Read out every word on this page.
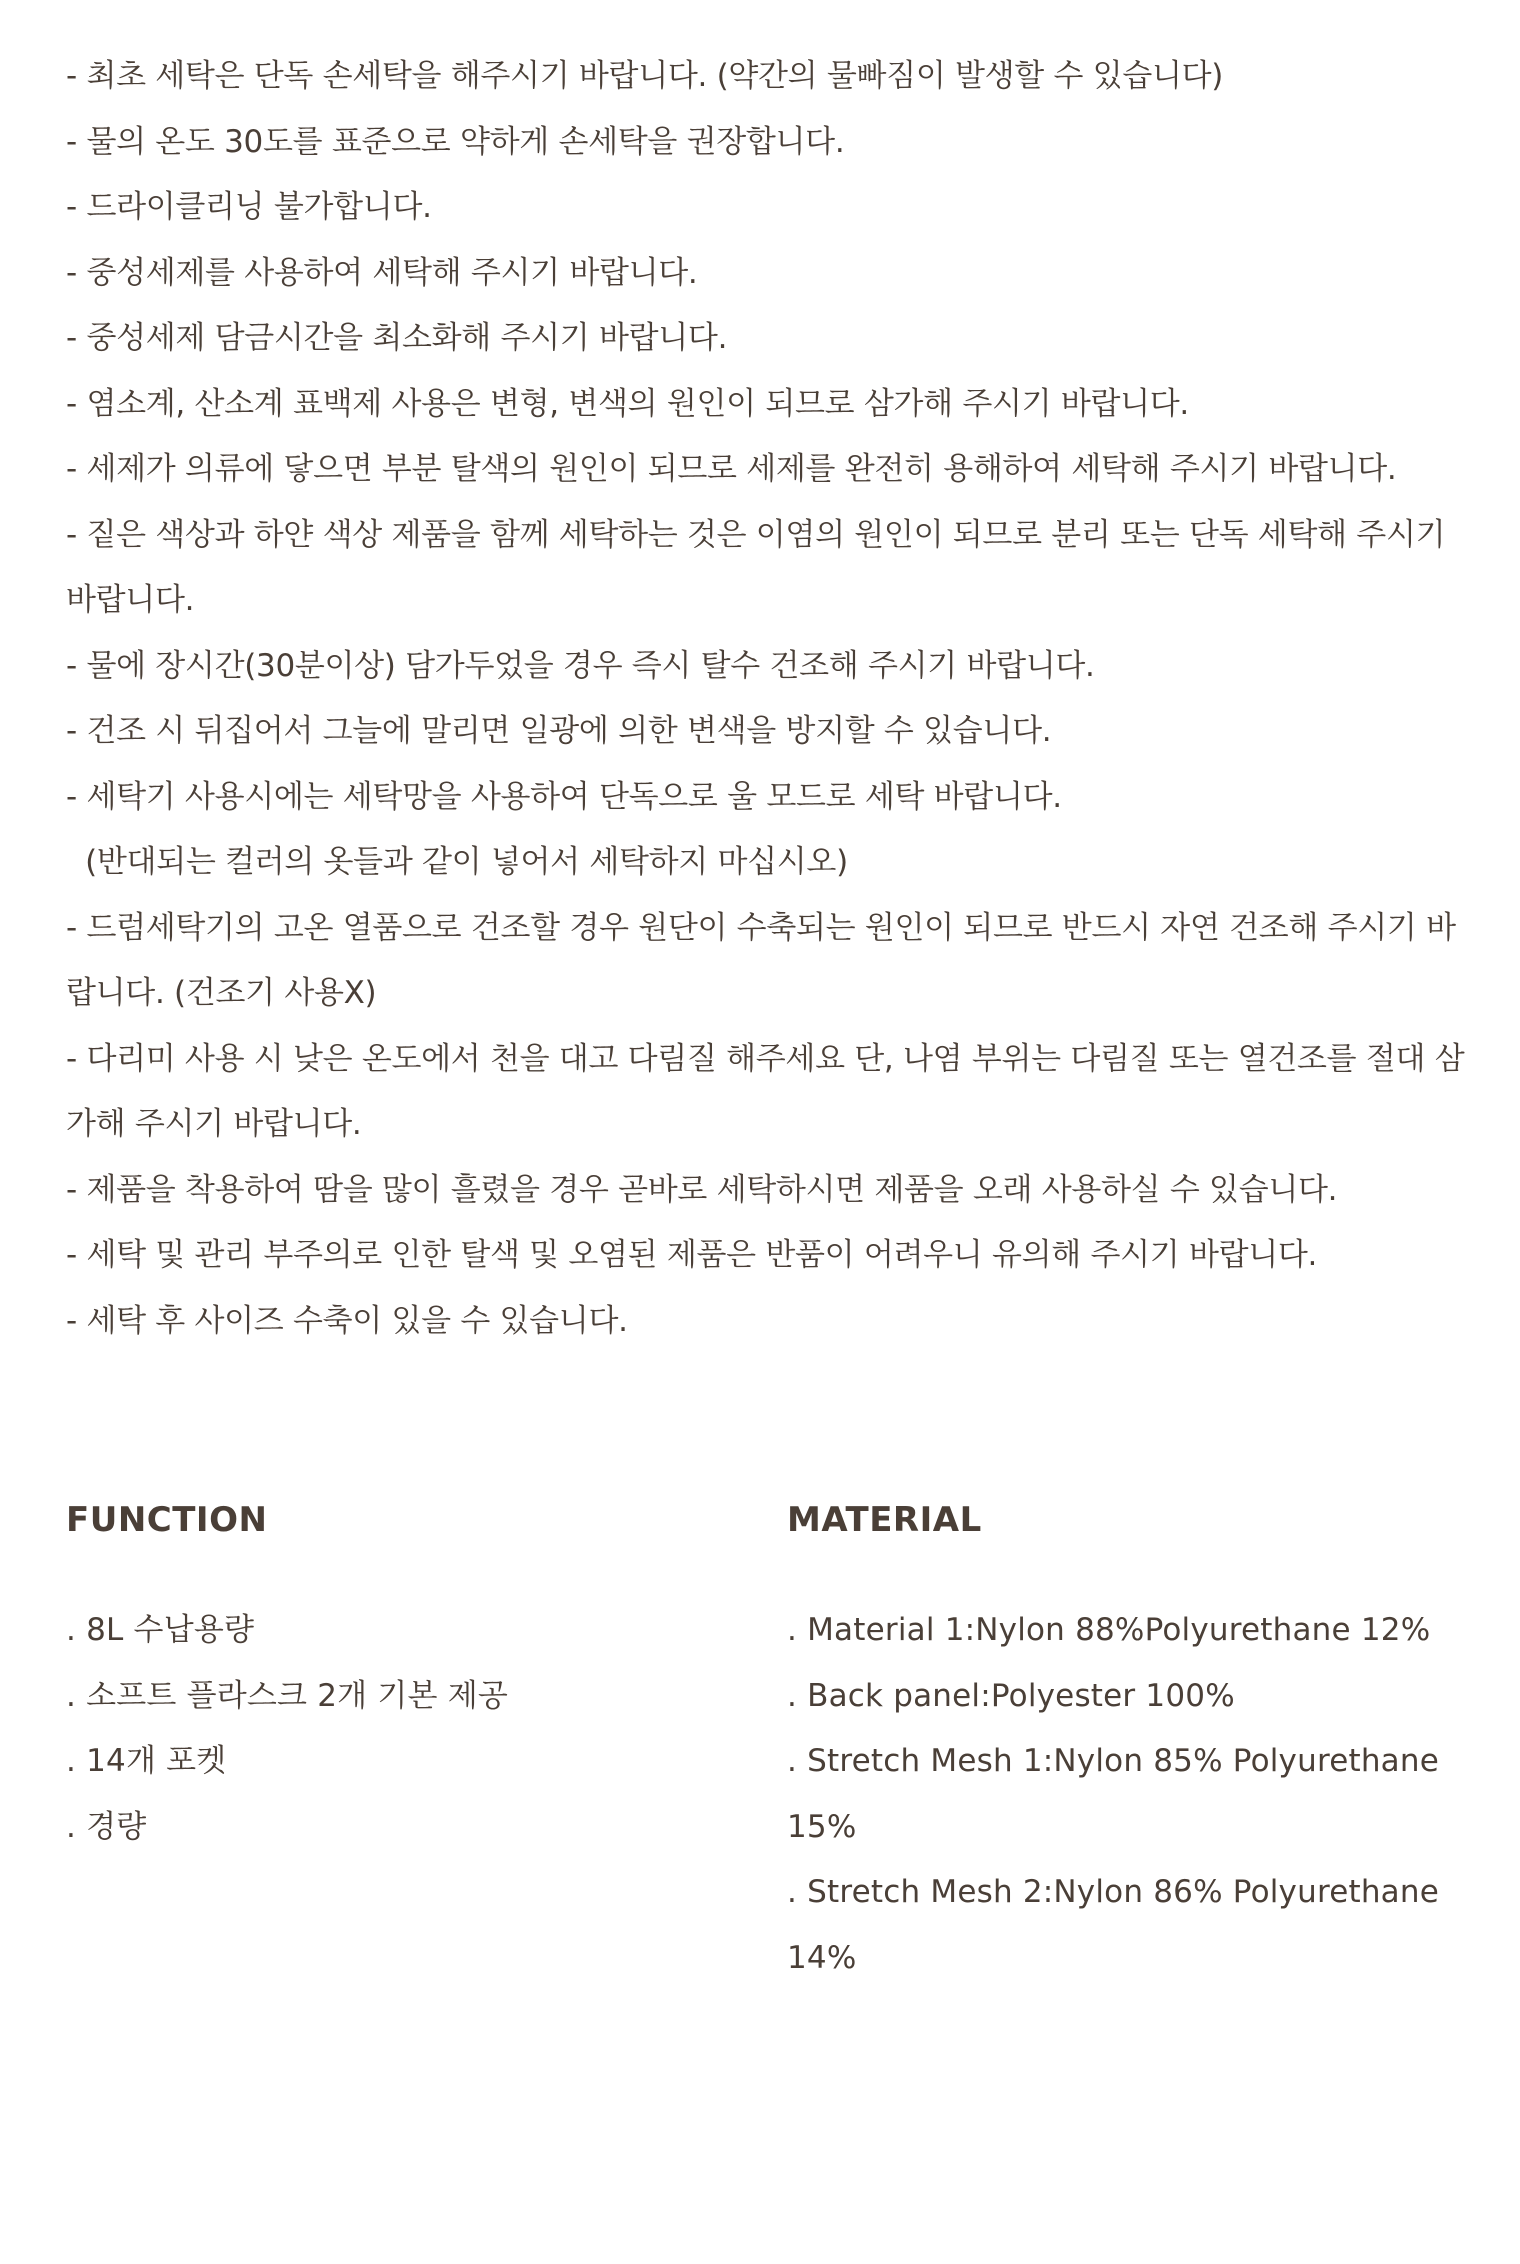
- 최초 세탁은 단독 손세탁을 해주시기 바랍니다. (약간의 물빠짐이 발생할 수 있습니다)
- 물의 온도 30도를 표준으로 약하게 손세탁을 권장합니다.
- 드라이클리닝 불가합니다.
- 중성세제를 사용하여 세탁해 주시기 바랍니다.
- 중성세제 담금시간을 최소화해 주시기 바랍니다.
- 염소계, 산소계 표백제 사용은 변형, 변색의 원인이 되므로 삼가해 주시기 바랍니다.
- 세제가 의류에 닿으면 부분 탈색의 원인이 되므로 세제를 완전히 용해하여 세탁해 주시기 바랍니다.
- 짙은 색상과 하얀 색상 제품을 함께 세탁하는 것은 이염의 원인이 되므로 분리 또는 단독 세탁해 주시기
바랍니다.
- 물에 장시간(30분이상) 담가두었을 경우 즉시 탈수 건조해 주시기 바랍니다.
- 건조 시 뒤집어서 그늘에 말리면 일광에 의한 변색을 방지할 수 있습니다.
- 세탁기 사용시에는 세탁망을 사용하여 단독으로 울 모드로 세탁 바랍니다.
(반대되는 컬러의 옷들과 같이 넣어서 세탁하지 마십시오)
- 드럼세탁기의 고온 열품으로 건조할 경우 원단이 수축되는 원인이 되므로 반드시 자연 건조해 주시기 바
랍니다. (건조기 사용X)
- 다리미 사용 시 낮은 온도에서 천을 대고 다림질 해주세요 단, 나염 부위는 다림질 또는 열건조를 절대 삼
가해 주시기 바랍니다.
- 제품을 착용하여 땀을 많이 흘렸을 경우 곧바로 세탁하시면 제품을 오래 사용하실 수 있습니다.
- 세탁 및 관리 부주의로 인한 탈색 및 오염된 제품은 반품이 어려우니 유의해 주시기 바랍니다.
- 세탁 후 사이즈 수축이 있을 수 있습니다.
FUNCTION	MATERIAL
. 8L 수납용량
. 소프트 플라스크 2개 기본 제공
. 14개 포켓
. 경량
. Material 1:Nylon 88%Polyurethane 12%
. Back panel:Polyester 100%
. Stretch Mesh 1:Nylon 85% Polyurethane
15%
. Stretch Mesh 2:Nylon 86% Polyurethane
14%
